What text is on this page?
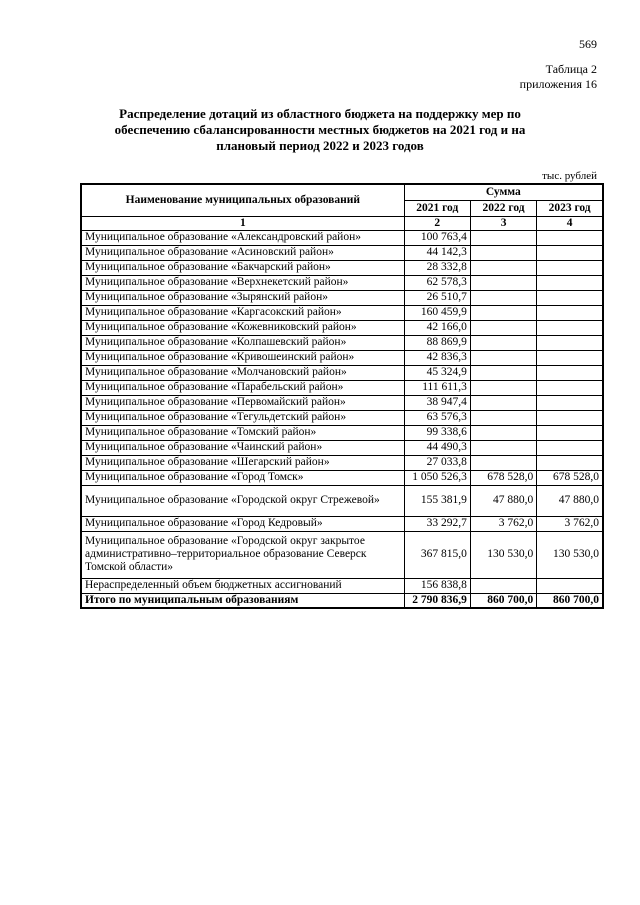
569
Таблица 2
приложения 16
Распределение дотаций из областного бюджета на поддержку мер по
обеспечению сбалансированности местных бюджетов на 2021 год и на
плановый период 2022 и 2023 годов
тыс. рублей
Наименование муниципальных образований	Сумма		
	2021 год	2022 год	2023 год
1	2	3	4
Муниципальное образование «Александровский район»	100 763,4		
Муниципальное образование «Асиновский район»	44 142,3		
Муниципальное образование «Бакчарский район»	28 332,8		
Муниципальное образование «Верхнекетский район»	62 578,3		
Муниципальное образование «Зырянский район»	26 510,7		
Муниципальное образование «Каргасокский район»	160 459,9		
Муниципальное образование «Кожевниковский район»	42 166,0		
Муниципальное образование «Колпашевский район»	88 869,9		
Муниципальное образование «Кривошеинский район»	42 836,3		
Муниципальное образование «Молчановский район»	45 324,9		
Муниципальное образование «Парабельский район»	111 611,3		
Муниципальное образование «Первомайский район»	38 947,4		
Муниципальное образование «Тегульдетский район»	63 576,3		
Муниципальное образование «Томский район»	99 338,6		
Муниципальное образование «Чаинский район»	44 490,3		
Муниципальное образование «Шегарский район»	27 033,8		
Муниципальное образование «Город Томск»	1 050 526,3	678 528,0	678 528,0
Муниципальное образование «Городской округ Стрежевой»	155 381,9	47 880,0	47 880,0
Муниципальное образование «Город Кедровый»	33 292,7	3 762,0	3 762,0
Муниципальное образование «Городской округ закрытое административно–территориальное образование Северск Томской области»	367 815,0	130 530,0	130 530,0
Нераспределенный объем бюджетных ассигнований	156 838,8		
Итого по муниципальным образованиям	2 790 836,9	860 700,0	860 700,0
